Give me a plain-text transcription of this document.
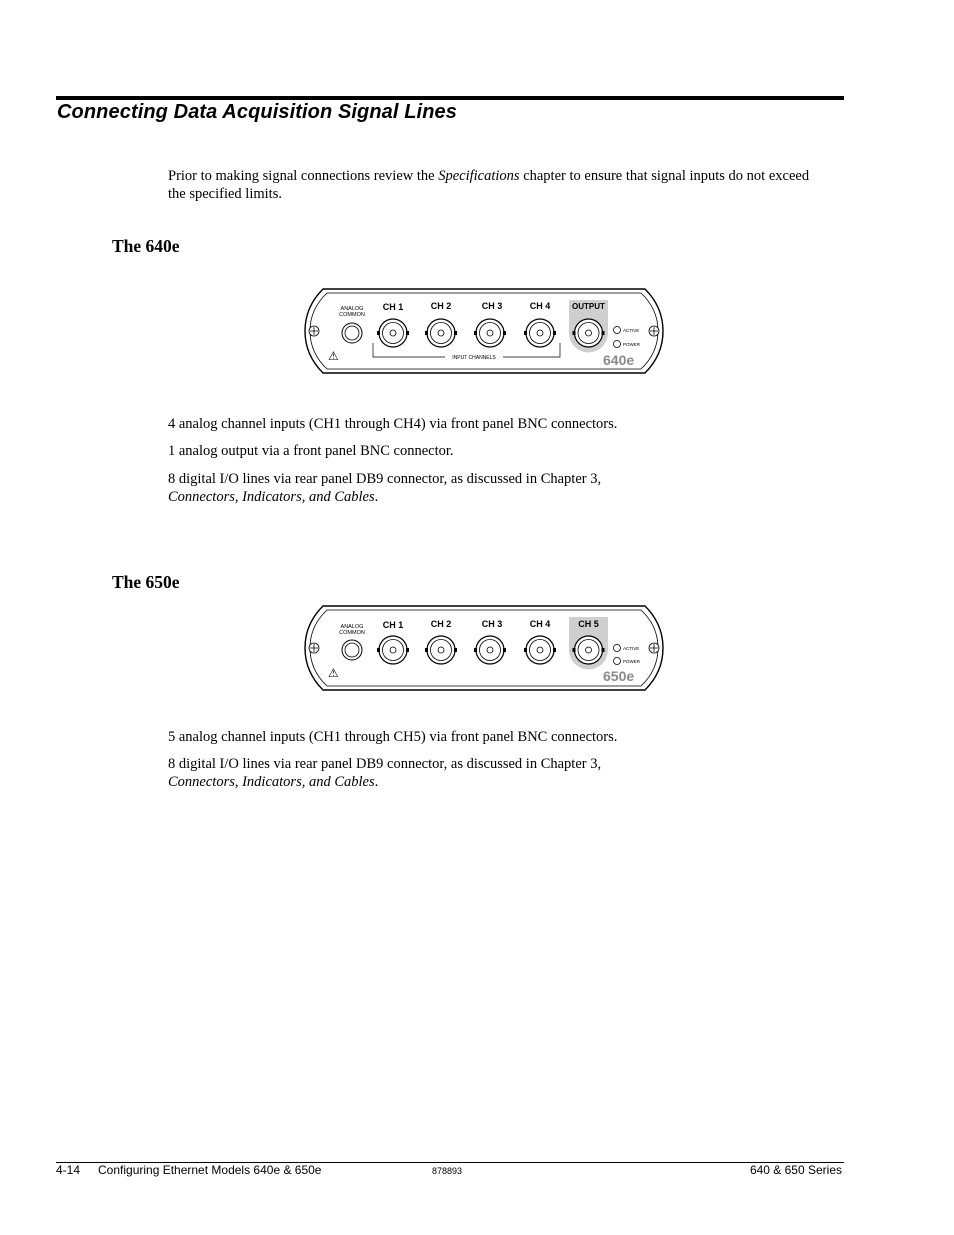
Connecting Data Acquisition Signal Lines
Prior to making signal connections review the Specifications chapter to ensure that signal inputs do not exceed the specified limits.
The 640e
ANALOG
COMMON
CH 1	CH 2	CH 3	CH 4
INPUT CHANNELS
OUTPUT
ACTIVE
POWER
640e
⚠
4 analog channel inputs (CH1 through CH4) via front panel BNC connectors.
1 analog output via a front panel BNC connector.
8 digital I/O lines via rear panel DB9 connector, as discussed in Chapter 3,
Connectors, Indicators, and Cables.
The 650e
ANALOG
COMMON
CH 1	CH 2	CH 3	CH 4	CH 5
ACTIVE
POWER
650e
⚠
5 analog channel inputs (CH1 through CH5) via front panel BNC connectors.
8 digital I/O lines via rear panel DB9 connector, as discussed in Chapter 3,
Connectors, Indicators, and Cables.
4-14 Configuring Ethernet Models 640e & 650e	878893	640 & 650 Series
